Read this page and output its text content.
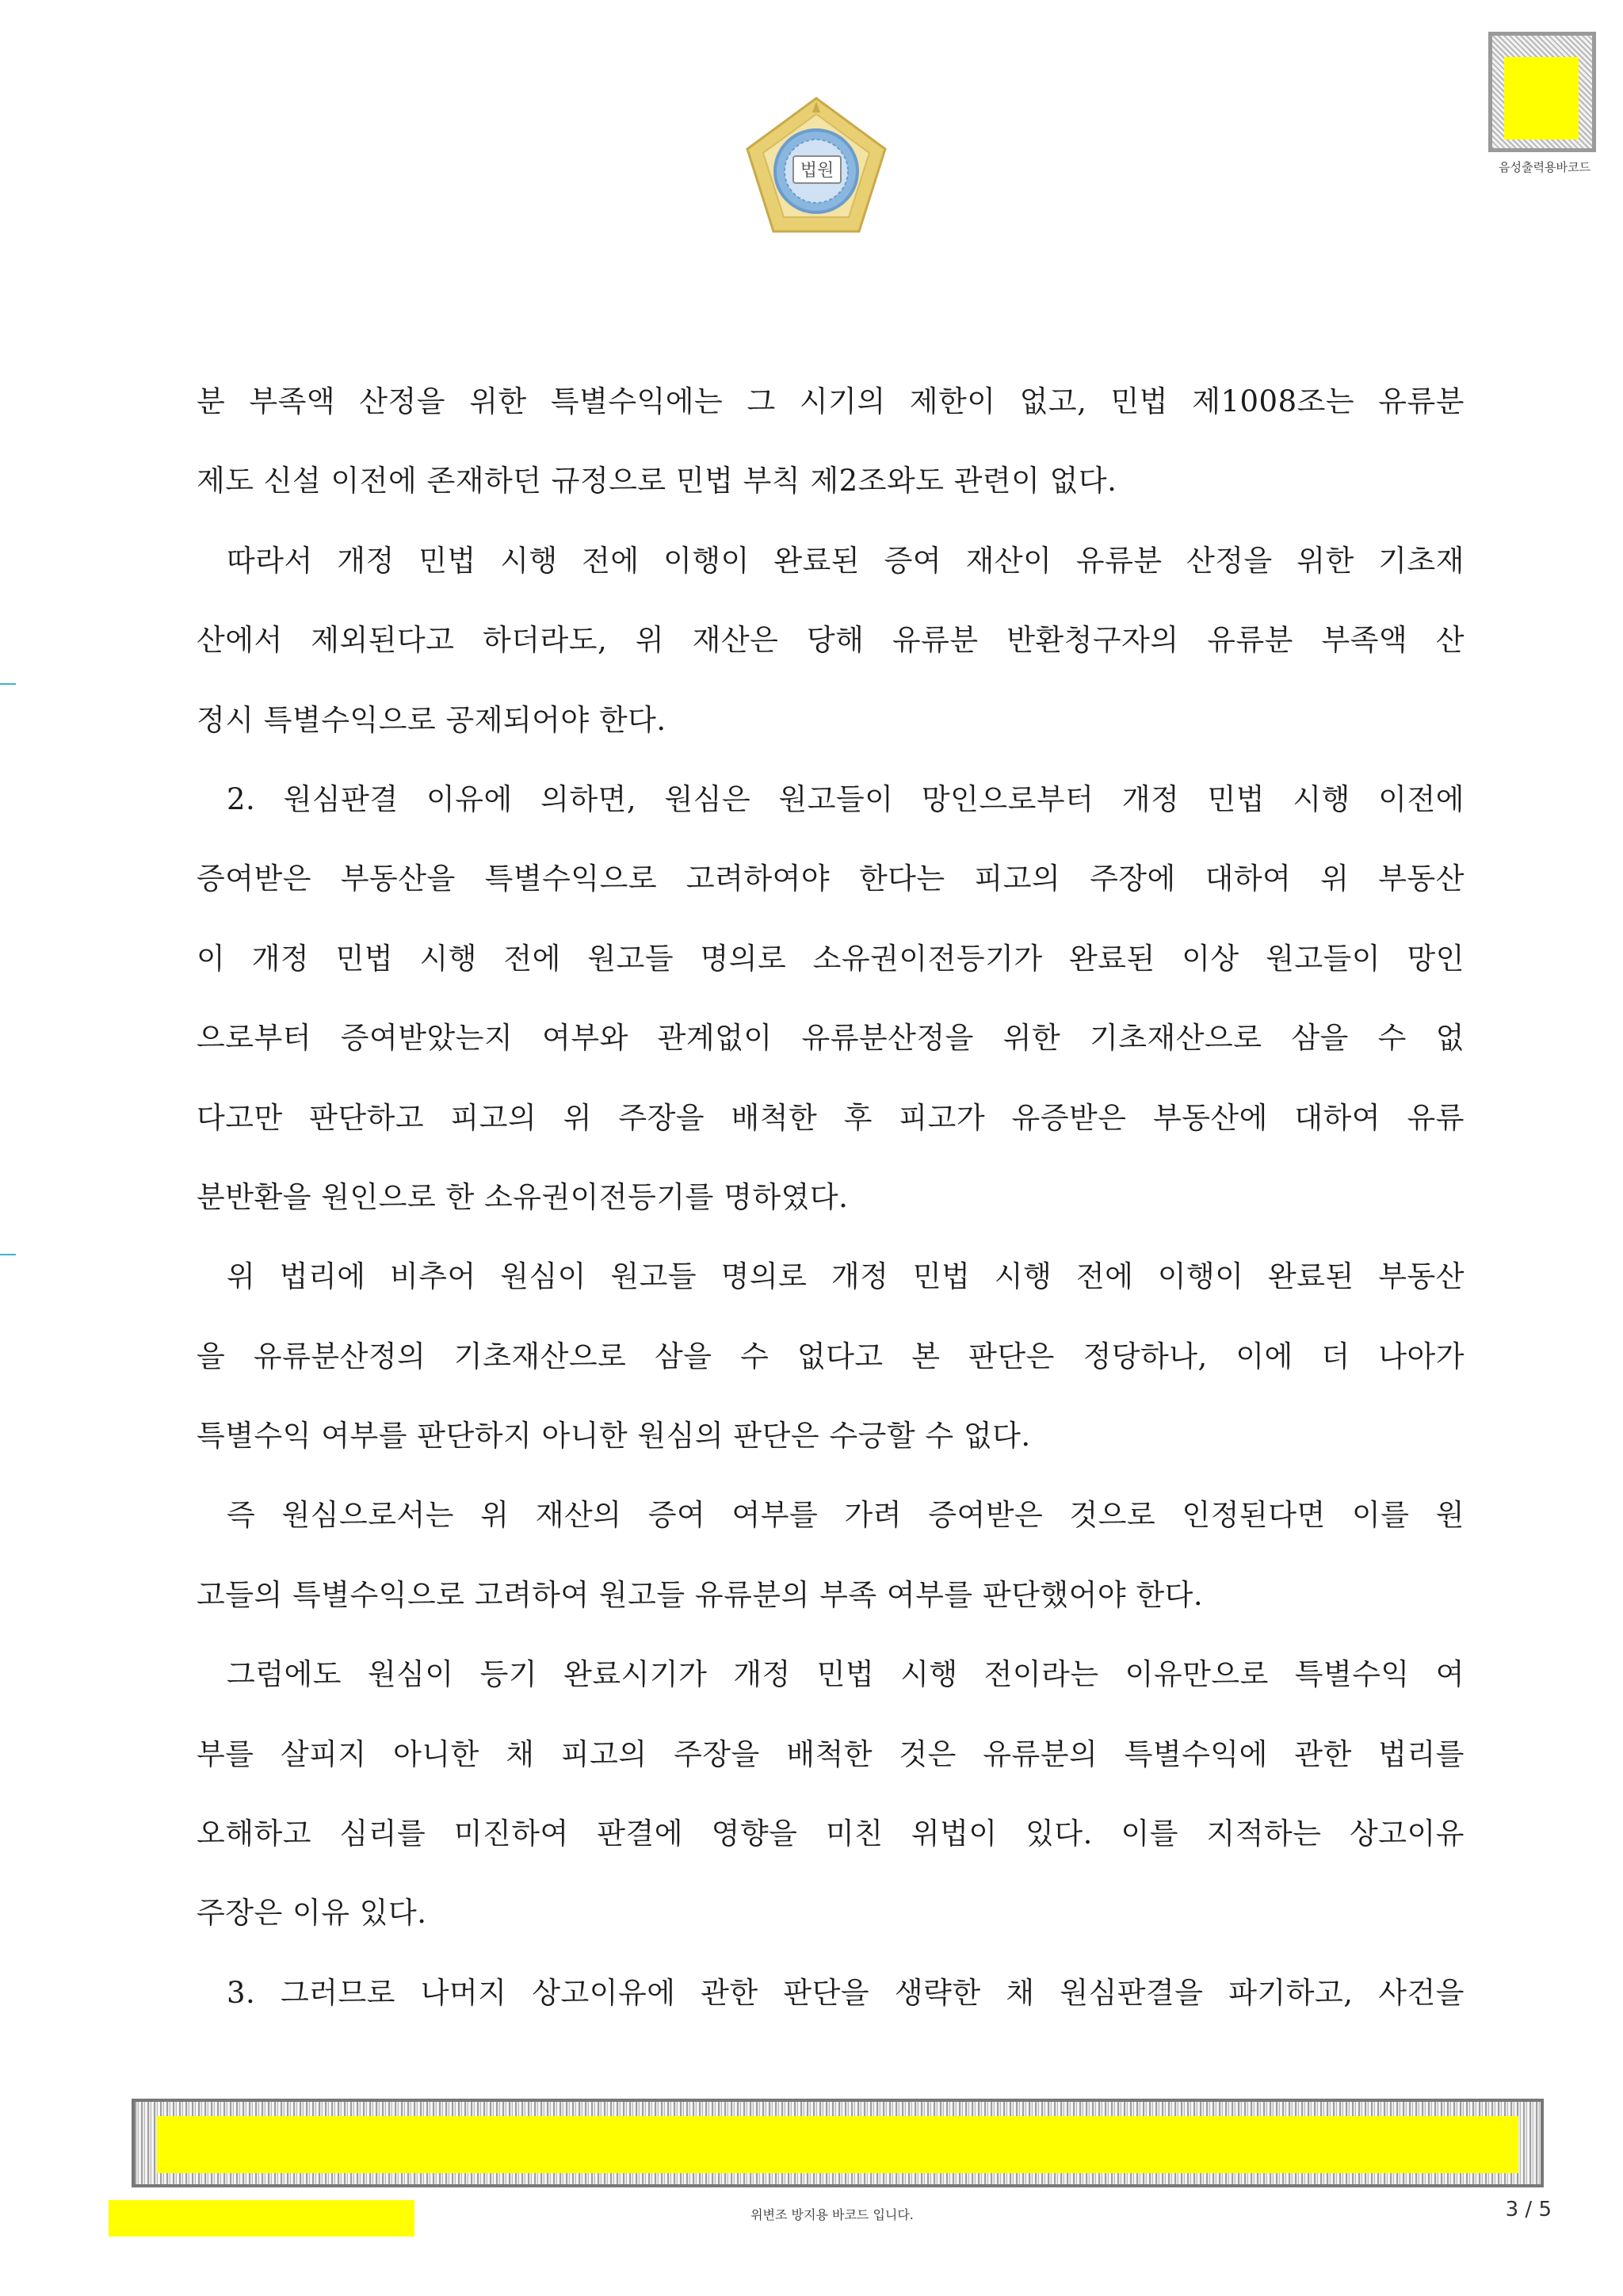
법원	음성출력용바코드
분 부족액 산정을 위한 특별수익에는 그 시기의 제한이 없고, 민법 제1008조는 유류분
제도 신설 이전에 존재하던 규정으로 민법 부칙 제2조와도 관련이 없다.
따라서 개정 민법 시행 전에 이행이 완료된 증여 재산이 유류분 산정을 위한 기초재
산에서 제외된다고 하더라도, 위 재산은 당해 유류분 반환청구자의 유류분 부족액 산
정시 특별수익으로 공제되어야 한다.
2. 원심판결 이유에 의하면, 원심은 원고들이 망인으로부터 개정 민법 시행 이전에
증여받은 부동산을 특별수익으로 고려하여야 한다는 피고의 주장에 대하여 위 부동산
이 개정 민법 시행 전에 원고들 명의로 소유권이전등기가 완료된 이상 원고들이 망인
으로부터 증여받았는지 여부와 관계없이 유류분산정을 위한 기초재산으로 삼을 수 없
다고만 판단하고 피고의 위 주장을 배척한 후 피고가 유증받은 부동산에 대하여 유류
분반환을 원인으로 한 소유권이전등기를 명하였다.
위 법리에 비추어 원심이 원고들 명의로 개정 민법 시행 전에 이행이 완료된 부동산
을 유류분산정의 기초재산으로 삼을 수 없다고 본 판단은 정당하나, 이에 더 나아가
특별수익 여부를 판단하지 아니한 원심의 판단은 수긍할 수 없다.
즉 원심으로서는 위 재산의 증여 여부를 가려 증여받은 것으로 인정된다면 이를 원
고들의 특별수익으로 고려하여 원고들 유류분의 부족 여부를 판단했어야 한다.
그럼에도 원심이 등기 완료시기가 개정 민법 시행 전이라는 이유만으로 특별수익 여
부를 살피지 아니한 채 피고의 주장을 배척한 것은 유류분의 특별수익에 관한 법리를
오해하고 심리를 미진하여 판결에 영향을 미친 위법이 있다. 이를 지적하는 상고이유
주장은 이유 있다.
3. 그러므로 나머지 상고이유에 관한 판단을 생략한 채 원심판결을 파기하고, 사건을
위변조 방지용 바코드 입니다.	3 / 5
